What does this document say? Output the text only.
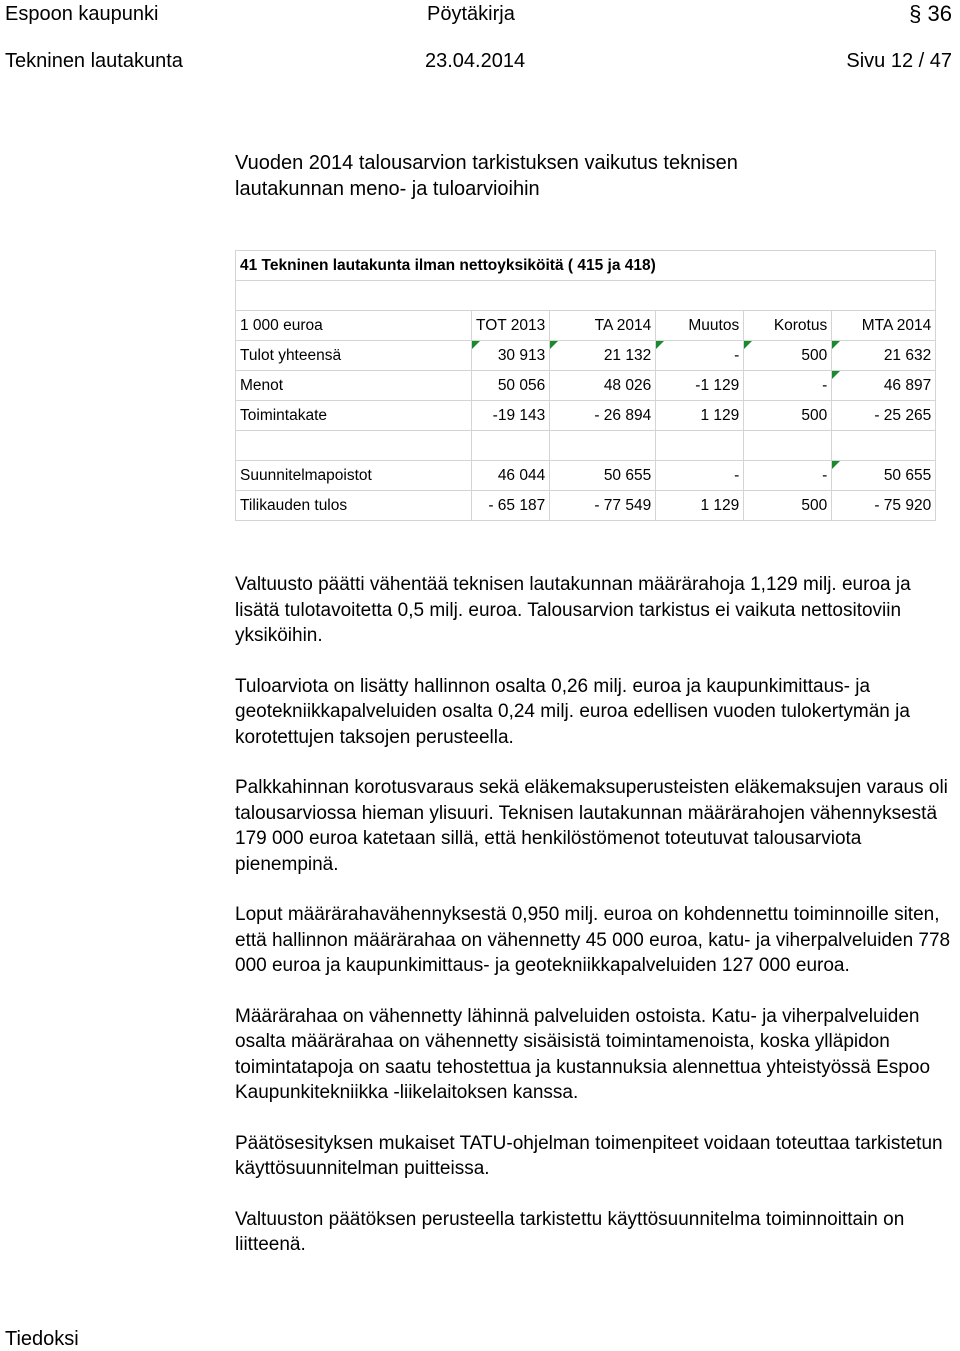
Espoon kaupunki	Pöytäkirja	§ 36
Tekninen lautakunta	23.04.2014	Sivu 12 / 47
Vuoden 2014 talousarvion tarkistuksen vaikutus teknisen
lautakunnan meno- ja tuloarvioihin
41 Tekninen lautakunta ilman nettoyksiköitä ( 415 ja 418)					

1 000 euroa	TOT 2013	TA 2014	Muutos	Korotus	MTA 2014
Tulot yhteensä	30 913	21 132	-	500	21 632
Menot	50 056	48 026	-1 129	-	46 897
Toimintakate	-19 143	- 26 894	1 129	500	- 25 265

Suunnitelmapoistot	46 044	50 655	-	-	50 655
Tilikauden tulos	- 65 187	- 77 549	1 129	500	- 75 920

Valtuusto päätti vähentää teknisen lautakunnan määrärahoja 1,129 milj. euroa ja lisätä tulotavoitetta 0,5 milj. euroa. Talousarvion tarkistus ei vaikuta nettositoviin yksiköihin.

Tuloarviota on lisätty hallinnon osalta 0,26 milj. euroa ja kaupunkimittaus- ja geotekniikkapalveluiden osalta 0,24 milj. euroa edellisen vuoden tulokertymän ja korotettujen taksojen perusteella.

Palkkahinnan korotusvaraus sekä eläkemaksuperusteisten eläkemaksujen varaus oli talousarviossa hieman ylisuuri. Teknisen lautakunnan määrärahojen vähennyksestä 179 000 euroa katetaan sillä, että henkilöstömenot toteutuvat talousarviota pienempinä.

Loput määrärahavähennyksestä 0,950 milj. euroa on kohdennettu toiminnoille siten, että hallinnon määrärahaa on vähennetty 45 000 euroa, katu- ja viherpalveluiden 778 000 euroa ja kaupunkimittaus- ja geotekniikkapalveluiden 127 000 euroa.

Määrärahaa on vähennetty lähinnä palveluiden ostoista. Katu- ja viherpalveluiden osalta määrärahaa on vähennetty sisäisistä toimintamenoista, koska ylläpidon toimintatapoja on saatu tehostettua ja kustannuksia alennettua yhteistyössä Espoo Kaupunkitekniikka -liikelaitoksen kanssa.

Päätösesityksen mukaiset TATU-ohjelman toimenpiteet voidaan toteuttaa tarkistetun käyttösuunnitelman puitteissa.

Valtuuston päätöksen perusteella tarkistettu käyttösuunnitelma toiminnoittain on liitteenä.

Tiedoksi
